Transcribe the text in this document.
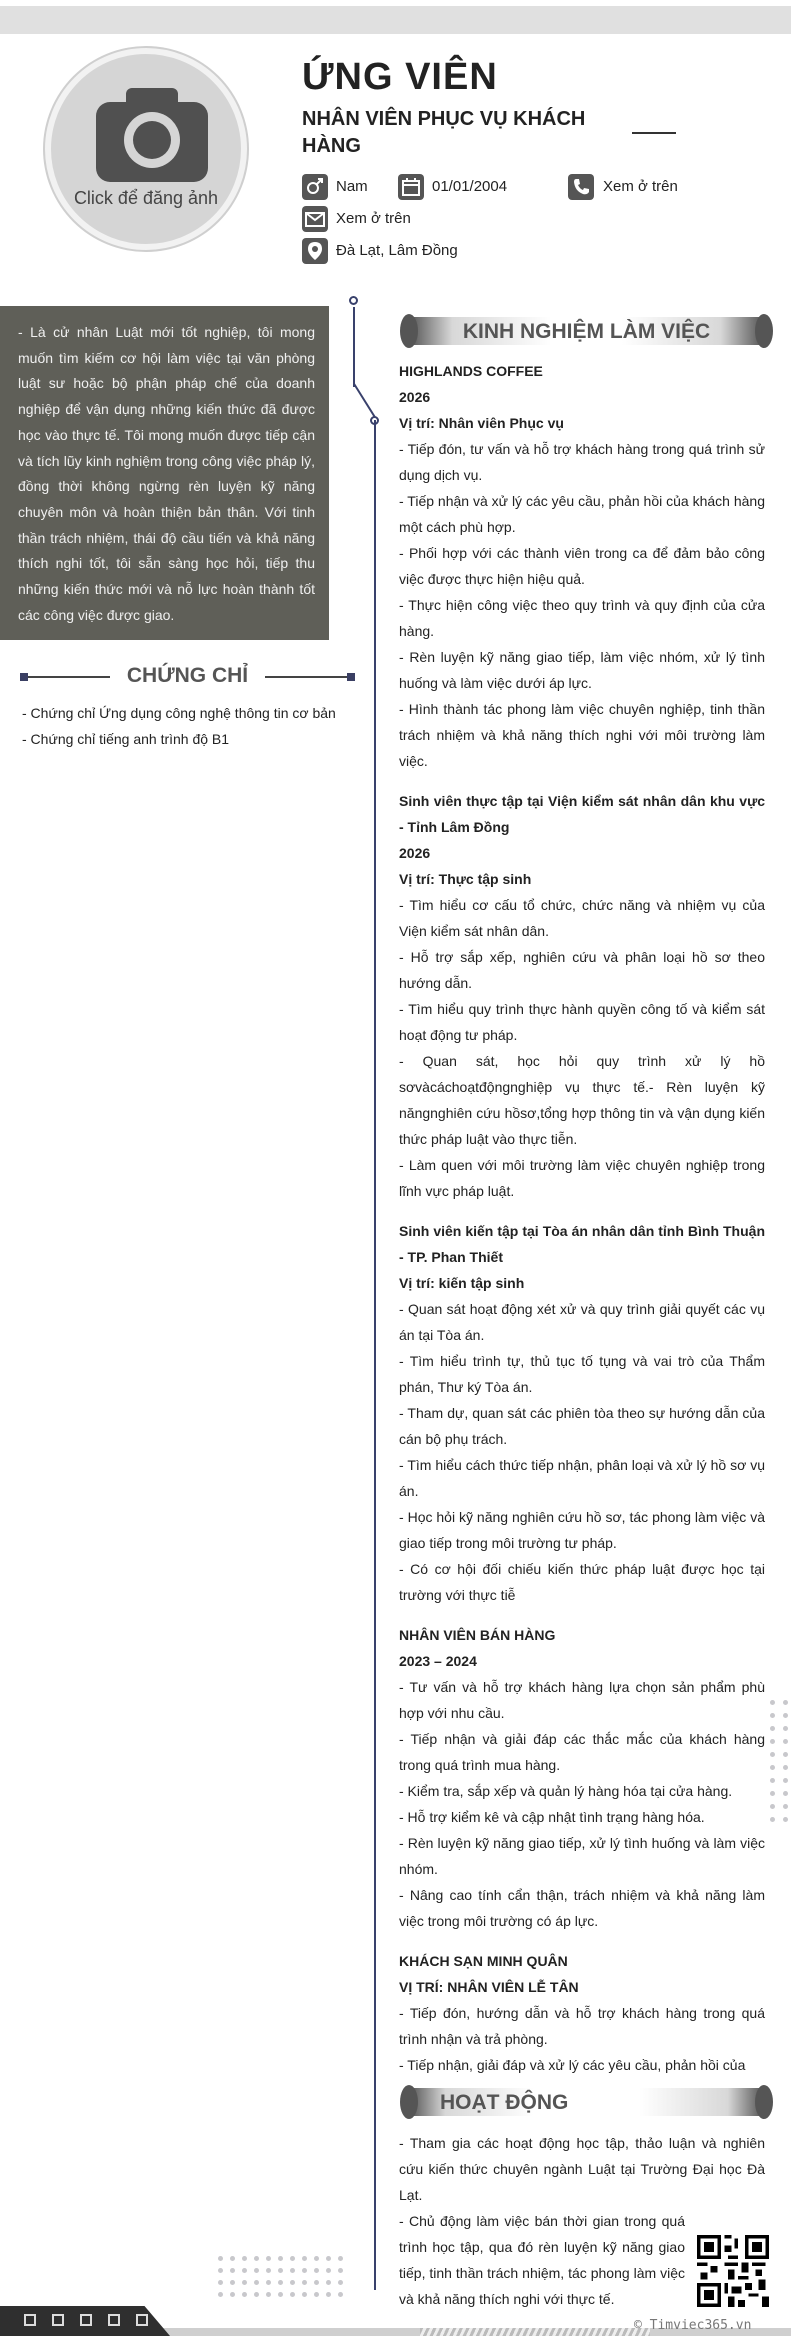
Click để đăng ảnh
ỨNG VIÊN
NHÂN VIÊN PHỤC VỤ KHÁCH HÀNG
Nam	01/01/2004	Xem ở trên
Xem ở trên
Đà Lạt, Lâm Đồng
- Là cử nhân Luật mới tốt nghiệp, tôi mong muốn tìm kiếm cơ hội làm việc tại văn phòng luật sư hoặc bộ phận pháp chế của doanh nghiệp để vận dụng những kiến thức đã được học vào thực tế. Tôi mong muốn được tiếp cận và tích lũy kinh nghiệm trong công việc pháp lý, đồng thời không ngừng rèn luyện kỹ năng chuyên môn và hoàn thiện bản thân. Với tinh thần trách nhiệm, thái độ cầu tiến và khả năng thích nghi tốt, tôi sẵn sàng học hỏi, tiếp thu những kiến thức mới và nỗ lực hoàn thành tốt các công việc được giao.
CHỨNG CHỈ
- Chứng chỉ Ứng dụng công nghệ thông tin cơ bản
- Chứng chỉ tiếng anh trình độ B1
KINH NGHIỆM LÀM VIỆC
HIGHLANDS COFFEE
2026
Vị trí: Nhân viên Phục vụ
- Tiếp đón, tư vấn và hỗ trợ khách hàng trong quá trình sử dụng dịch vụ.
- Tiếp nhận và xử lý các yêu cầu, phản hồi của khách hàng một cách phù hợp.
- Phối hợp với các thành viên trong ca để đảm bảo công việc được thực hiện hiệu quả.
- Thực hiện công việc theo quy trình và quy định của cửa hàng.
- Rèn luyện kỹ năng giao tiếp, làm việc nhóm, xử lý tình huống và làm việc dưới áp lực.
- Hình thành tác phong làm việc chuyên nghiệp, tinh thần trách nhiệm và khả năng thích nghi với môi trường làm việc.
Sinh viên thực tập tại Viện kiểm sát nhân dân khu vực - Tỉnh Lâm Đồng
2026
Vị trí: Thực tập sinh
- Tìm hiểu cơ cấu tổ chức, chức năng và nhiệm vụ của Viện kiểm sát nhân dân.
- Hỗ trợ sắp xếp, nghiên cứu và phân loại hồ sơ theo hướng dẫn.
- Tìm hiểu quy trình thực hành quyền công tố và kiểm sát hoạt động tư pháp.
- Quan sát, học hỏi quy trình xử lý hồ sơvàcáchoạtđộngnghiệp vụ thực tế.- Rèn luyện kỹ năngnghiên cứu hồsơ,tổng hợp thông tin và vận dụng kiến thức pháp luật vào thực tiễn.
- Làm quen với môi trường làm việc chuyên nghiệp trong lĩnh vực pháp luật.
Sinh viên kiến tập tại Tòa án nhân dân tỉnh Bình Thuận - TP. Phan Thiết
Vị trí: kiến tập sinh
- Quan sát hoạt động xét xử và quy trình giải quyết các vụ án tại Tòa án.
- Tìm hiểu trình tự, thủ tục tố tụng và vai trò của Thẩm phán, Thư ký Tòa án.
- Tham dự, quan sát các phiên tòa theo sự hướng dẫn của cán bộ phụ trách.
- Tìm hiểu cách thức tiếp nhận, phân loại và xử lý hồ sơ vụ án.
- Học hỏi kỹ năng nghiên cứu hồ sơ, tác phong làm việc và giao tiếp trong môi trường tư pháp.
- Có cơ hội đối chiếu kiến thức pháp luật được học tại trường với thực tiễ
NHÂN VIÊN BÁN HÀNG
2023 – 2024
- Tư vấn và hỗ trợ khách hàng lựa chọn sản phẩm phù hợp với nhu cầu.
- Tiếp nhận và giải đáp các thắc mắc của khách hàng trong quá trình mua hàng.
- Kiểm tra, sắp xếp và quản lý hàng hóa tại cửa hàng.
- Hỗ trợ kiểm kê và cập nhật tình trạng hàng hóa.
- Rèn luyện kỹ năng giao tiếp, xử lý tình huống và làm việc nhóm.
- Nâng cao tính cẩn thận, trách nhiệm và khả năng làm việc trong môi trường có áp lực.
KHÁCH SẠN MINH QUÂN
VỊ TRÍ: NHÂN VIÊN LỄ TÂN
- Tiếp đón, hướng dẫn và hỗ trợ khách hàng trong quá trình nhận và trả phòng.
- Tiếp nhận, giải đáp và xử lý các yêu cầu, phản hồi của
HOẠT ĐỘNG
- Tham gia các hoạt động học tập, thảo luận và nghiên cứu kiến thức chuyên ngành Luật tại Trường Đại học Đà Lạt.
- Chủ động làm việc bán thời gian trong quá trình học tập, qua đó rèn luyện kỹ năng giao tiếp, tinh thần trách nhiệm, tác phong làm việc và khả năng thích nghi với thực tế.
© Timviec365.vn
